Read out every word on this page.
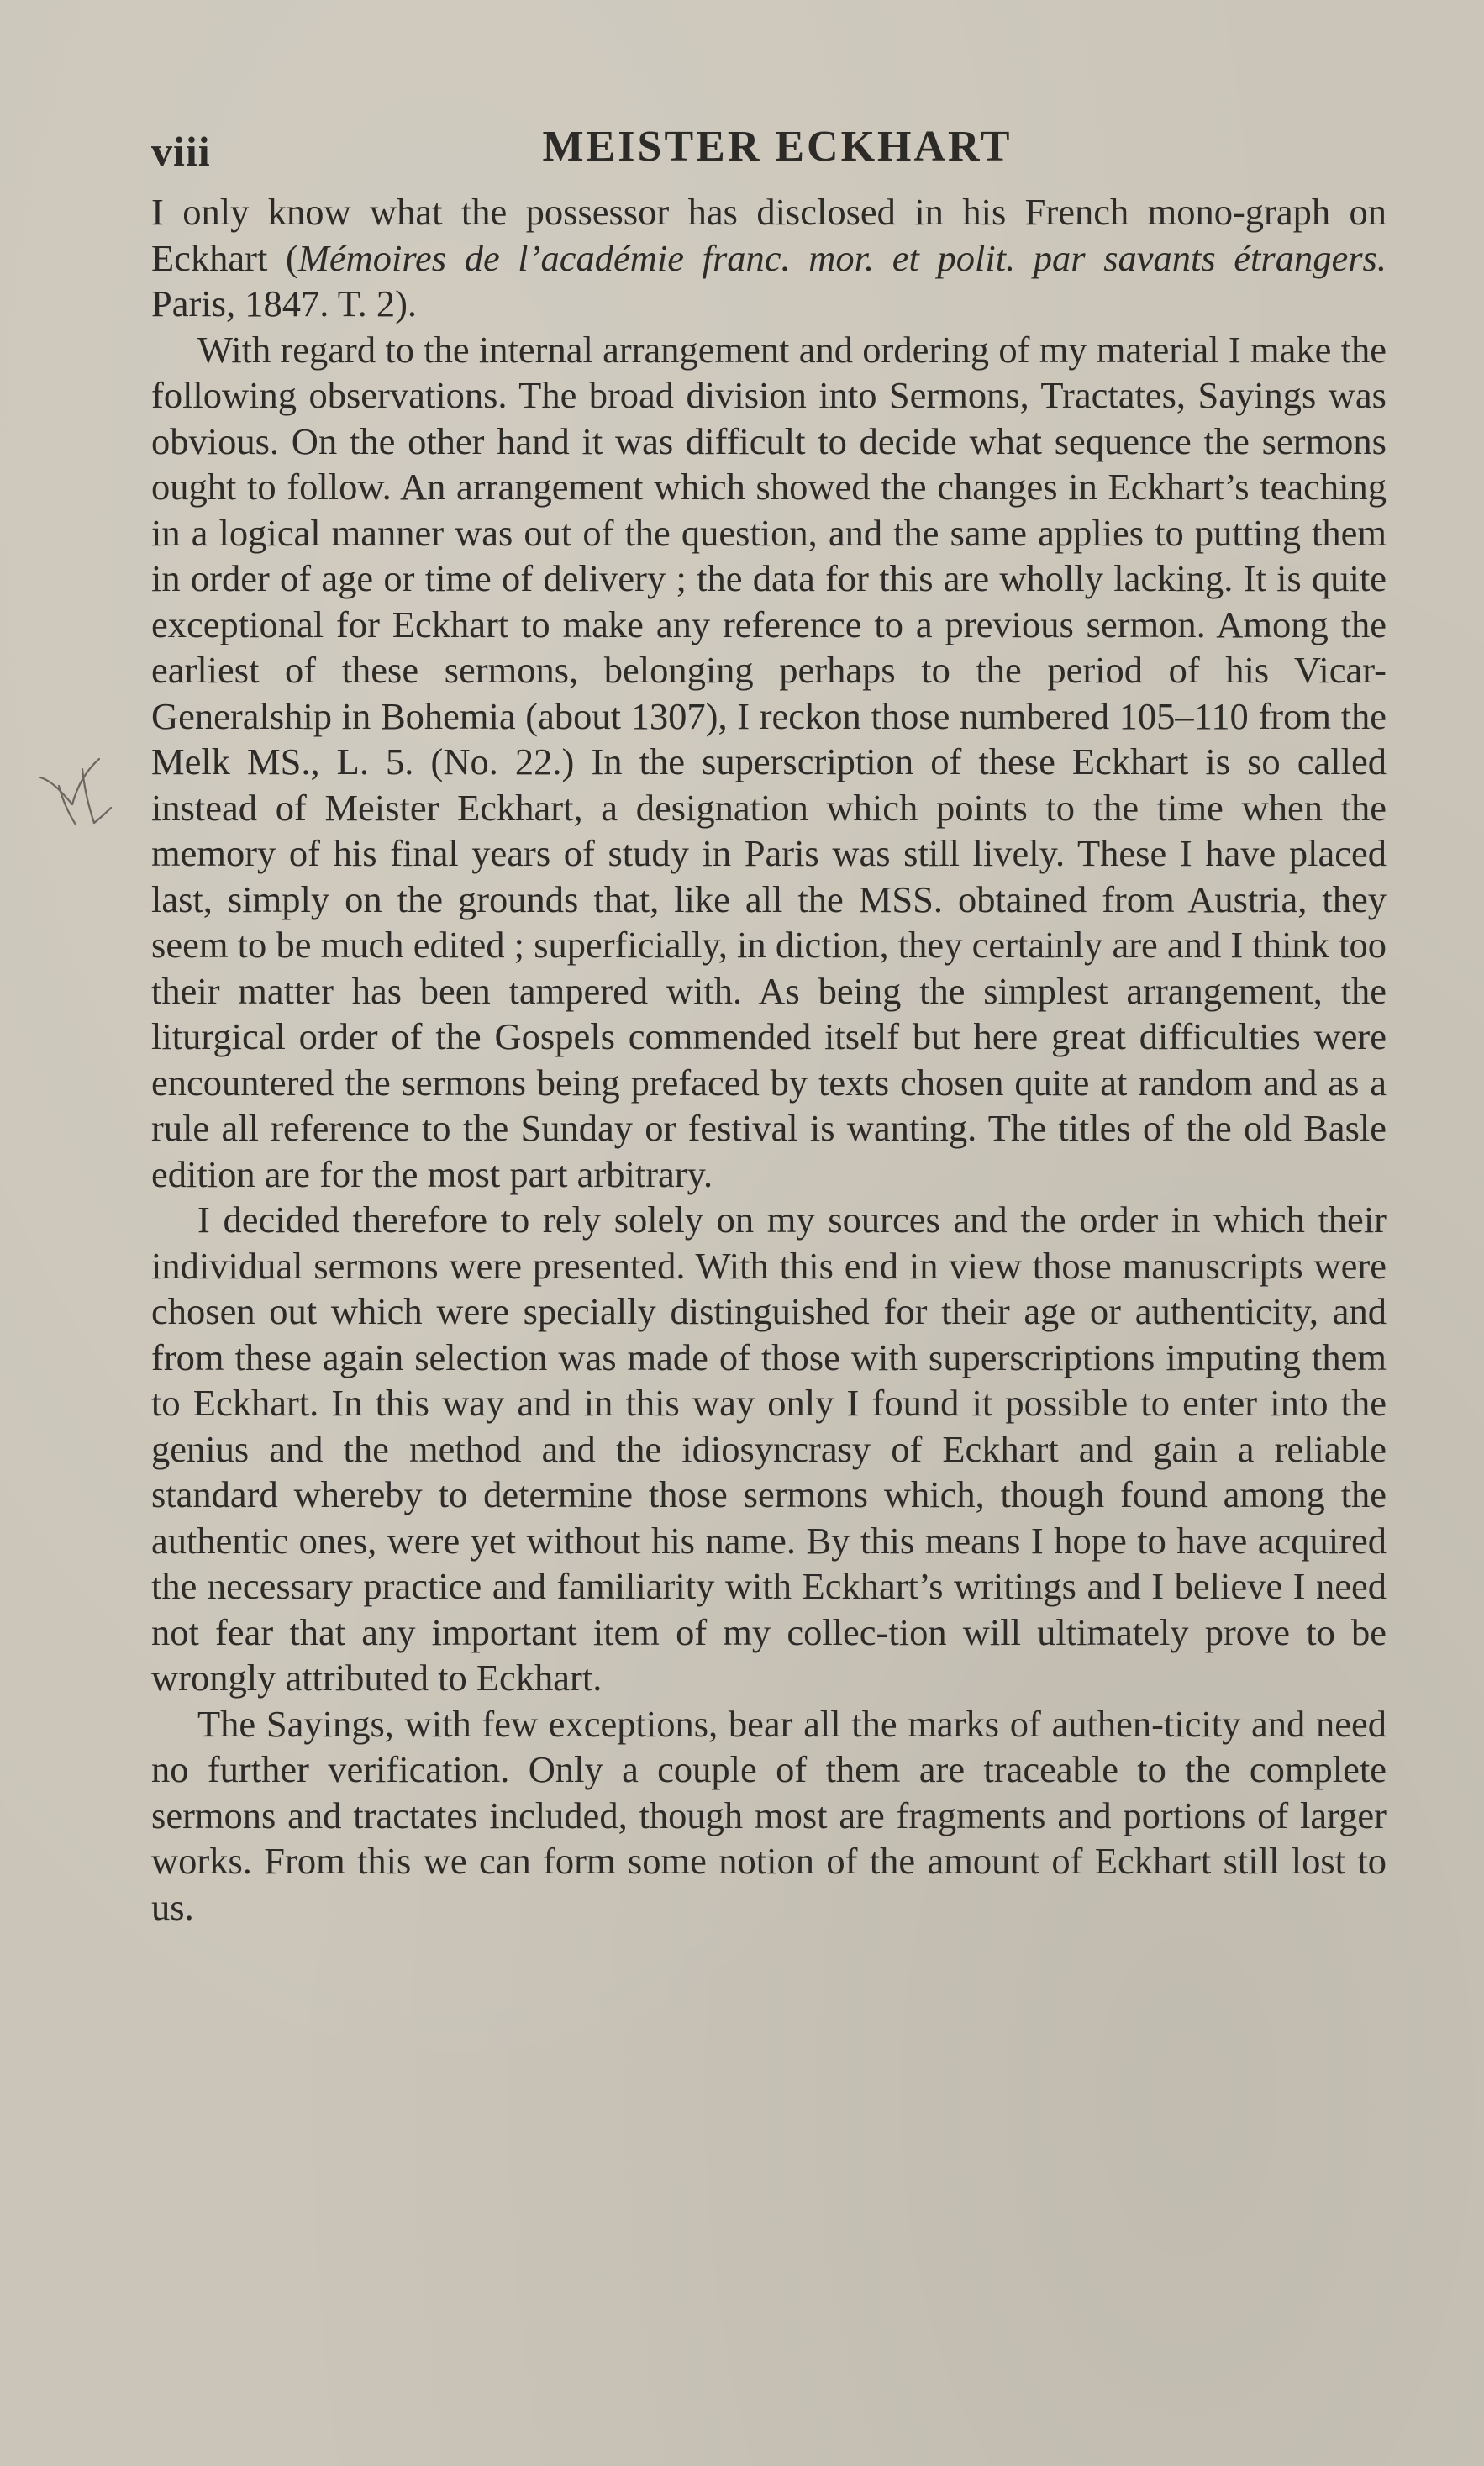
viii	MEISTER ECKHART

I only know what the possessor has disclosed in his French mono-graph on Eckhart (Mémoires de l’académie franc. mor. et polit. par savants étrangers. Paris, 1847. T. 2).

With regard to the internal arrangement and ordering of my material I make the following observations. The broad division into Sermons, Tractates, Sayings was obvious. On the other hand it was difficult to decide what sequence the sermons ought to follow. An arrangement which showed the changes in Eckhart’s teaching in a logical manner was out of the question, and the same applies to putting them in order of age or time of delivery ; the data for this are wholly lacking. It is quite exceptional for Eckhart to make any reference to a previous sermon. Among the earliest of these sermons, belonging perhaps to the period of his Vicar-Generalship in Bohemia (about 1307), I reckon those numbered 105–110 from the Melk MS., L. 5. (No. 22.) In the superscription of these Eckhart is so called instead of Meister Eckhart, a designation which points to the time when the memory of his final years of study in Paris was still lively. These I have placed last, simply on the grounds that, like all the MSS. obtained from Austria, they seem to be much edited ; superficially, in diction, they certainly are and I think too their matter has been tampered with. As being the simplest arrangement, the liturgical order of the Gospels commended itself but here great difficulties were encountered the sermons being prefaced by texts chosen quite at random and as a rule all reference to the Sunday or festival is wanting. The titles of the old Basle edition are for the most part arbitrary.

I decided therefore to rely solely on my sources and the order in which their individual sermons were presented. With this end in view those manuscripts were chosen out which were specially distinguished for their age or authenticity, and from these again selection was made of those with superscriptions imputing them to Eckhart. In this way and in this way only I found it possible to enter into the genius and the method and the idiosyncrasy of Eckhart and gain a reliable standard whereby to determine those sermons which, though found among the authentic ones, were yet without his name. By this means I hope to have acquired the necessary practice and familiarity with Eckhart’s writings and I believe I need not fear that any important item of my collec-tion will ultimately prove to be wrongly attributed to Eckhart.

The Sayings, with few exceptions, bear all the marks of authen-ticity and need no further verification. Only a couple of them are traceable to the complete sermons and tractates included, though most are fragments and portions of larger works. From this we can form some notion of the amount of Eckhart still lost to us.
